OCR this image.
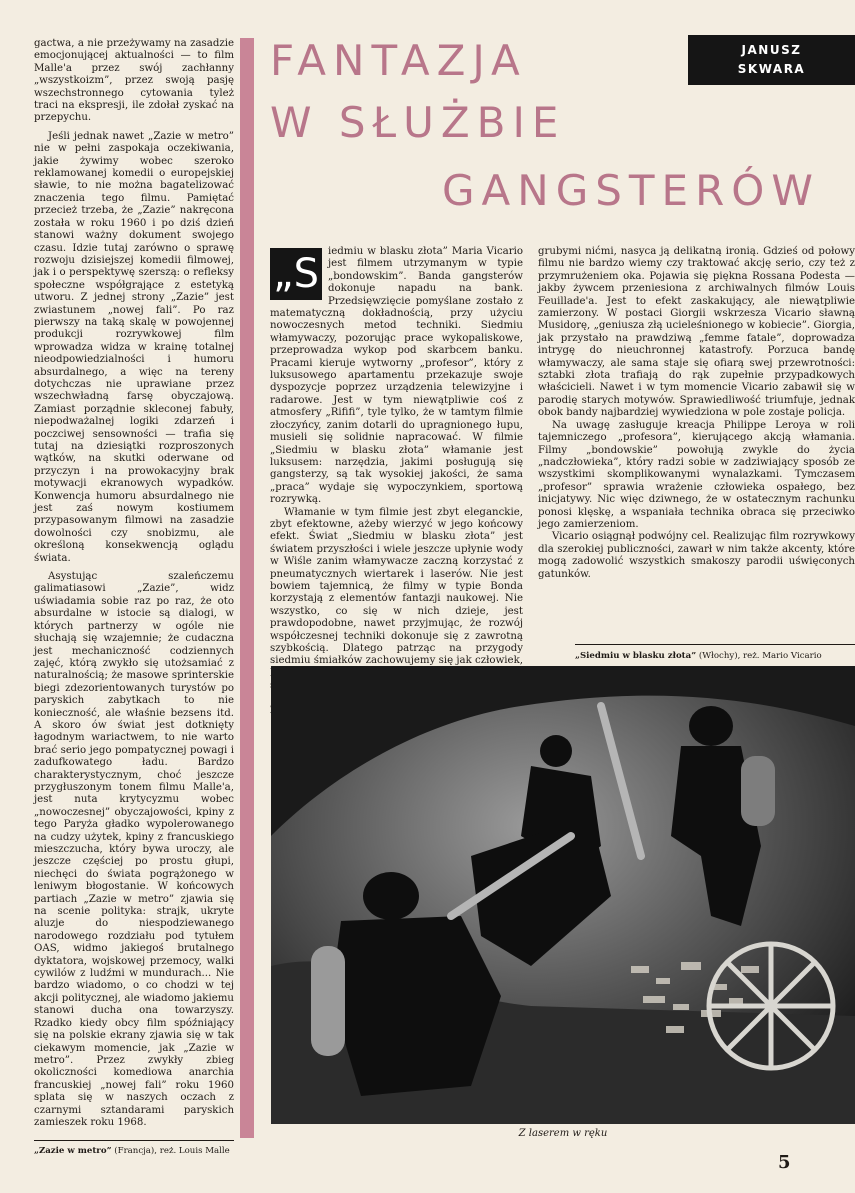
gactwa, a nie przeżywamy na zasadzie emocjonującej aktualności — to film Malle'a przez swój zachłanny „wszystkoizm”, przez swoją pasję wszechstronnego cytowania tyleż traci na ekspresji, ile zdołał zyskać na przepychu.

Jeśli jednak nawet „Zazie w metro” nie w pełni zaspokaja oczekiwania, jakie żywimy wobec szeroko reklamowanej komedii o europejskiej sławie, to nie można bagatelizować znaczenia tego filmu. Pamiętać przecież trzeba, że „Zazie” nakręcona została w roku 1960 i po dziś dzień stanowi ważny dokument swojego czasu. Idzie tutaj zarówno o sprawę rozwoju dzisiejszej komedii filmowej, jak i o perspektywę szerszą: o refleksy społeczne współgrające z estetyką utworu. Z jednej strony „Zazie” jest zwiastunem „nowej fali”. Po raz pierwszy na taką skalę w powojennej produkcji rozrywkowej film wprowadza widza w krainę totalnej nieodpowiedzialności i humoru absurdalnego, a więc na tereny dotychczas nie uprawiane przez wszechwładną farsę obyczajową. Zamiast porządnie skleconej fabuły, niepodważalnej logiki zdarzeń i poczciwej sensowności — trafia się tutaj na dziesiątki rozproszonych wątków, na skutki oderwane od przyczyn i na prowokacyjny brak motywacji ekranowych wypadków. Konwencja humoru absurdalnego nie jest zaś nowym kostiumem przypasowanym filmowi na zasadzie dowolności czy snobizmu, ale określoną konsekwencją oglądu świata.

Asystując szaleńczemu galimatiasowi „Zazie”, widz uświadamia sobie raz po raz, że oto absurdalne w istocie są dialogi, w których partnerzy w ogóle nie słuchają się wzajemnie; że cudaczna jest mechaniczność codziennych zajęć, którą zwykło się utożsamiać z naturalnością; że masowe sprinterskie biegi zdezorientowanych turystów po paryskich zabytkach to nie konieczność, ale właśnie bezsens itd. A skoro ów świat jest dotknięty łagodnym wariactwem, to nie warto brać serio jego pompatycznej powagi i zadufkowatego ładu. Bardzo charakterystycznym, choć jeszcze przygłuszonym tonem filmu Malle'a, jest nuta krytycyzmu wobec „nowoczesnej” obyczajowości, kpiny z tego Paryża gładko wypolerowanego na cudzy użytek, kpiny z francuskiego mieszczucha, który bywa uroczy, ale jeszcze częściej po prostu głupi, niechęci do świata pogrążonego w leniwym błogostanie. W końcowych partiach „Zazie w metro” zjawia się na scenie polityka: strajk, ukryte aluzje do niespodziewanego narodowego rozdziału pod tytułem OAS, widmo jakiegoś brutalnego dyktatora, wojskowej przemocy, walki cywilów z ludźmi w mundurach... Nie bardzo wiadomo, o co chodzi w tej akcji politycznej, ale wiadomo jakiemu stanowi ducha ona towarzyszy. Rzadko kiedy obcy film spóźniający się na polskie ekrany zjawia się w tak ciekawym momencie, jak „Zazie w metro”. Przez zwykły zbieg okoliczności komediowa anarchia francuskiej „nowej fali” roku 1960 splata się w naszych oczach z czarnymi sztandarami paryskich zamieszek roku 1968.

„Zazie w metro” (Francja), reż. Louis Malle
FANTAZJA
W SŁUŻBIE
GANGSTERÓW
JANUSZ
SKWARA
„S iedmiu w blasku złota” Maria Vicario jest filmem utrzymanym w typie „bondowskim”. Banda gangsterów dokonuje napadu na bank. Przedsięwzięcie pomyślane zostało z matematyczną dokładnością, przy użyciu nowoczesnych metod techniki. Siedmiu włamywaczy, pozorując prace wykopaliskowe, przeprowadza wykop pod skarbcem banku. Pracami kieruje wytworny „profesor”, który z luksusowego apartamentu przekazuje swoje dyspozycje poprzez urządzenia telewizyjne i radarowe. Jest w tym niewątpliwie coś z atmosfery „Rififi”, tyle tylko, że w tamtym filmie złoczyńcy, zanim dotarli do upragnionego łupu, musieli się solidnie napracować. W filmie „Siedmiu w blasku złota” włamanie jest luksusem: narzędzia, jakimi posługują się gangsterzy, są tak wysokiej jakości, że sama „praca” wydaje się wypoczynkiem, sportową rozrywką.

Włamanie w tym filmie jest zbyt eleganckie, zbyt efektowne, ażeby wierzyć w jego końcowy efekt. Świat „Siedmiu w blasku złota” jest światem przyszłości i wiele jeszcze upłynie wody w Wiśle zanim włamywacze zaczną korzystać z pneumatycznych wiertarek i laserów. Nie jest bowiem tajemnicą, że filmy w typie Bonda korzystają z elementów fantazji naukowej. Nie wszystko, co się w nich dzieje, jest prawdopodobne, nawet przyjmując, że rozwój współczesnej techniki dokonuje się z zawrotną szybkością. Dlatego patrząc na przygody siedmiu śmiałków zachowujemy się jak człowiek,

grubymi nićmi, nasyca ją delikatną ironią. Gdzieś od połowy filmu nie bardzo wiemy czy traktować akcję serio, czy też z przymrużeniem oka. Pojawia się piękna Rossana Podesta — jakby żywcem przeniesiona z archiwalnych filmów Louis Feuillade'a. Jest to efekt zaskakujący, ale niewątpliwie zamierzony. W postaci Giorgii wskrzesza Vicario sławną Musidorę, „geniusza złą ucieleśnionego w kobiecie”. Giorgia, jak przystało na prawdziwą „femme fatale”, doprowadza intrygę do nieuchronnej katastrofy. Porzuca bandę włamywaczy, ale sama staje się ofiarą swej przewrotności: sztabki złota trafiają do rąk zupełnie przypadkowych właścicieli. Nawet i w tym momencie Vicario zabawił się w parodię starych motywów. Sprawiedliwość triumfuje, jednak obok bandy najbardziej wywiedziona w pole zostaje policja.

Na uwagę zasługuje kreacja Philippe Leroya w roli tajemniczego „profesora”, kierującego akcją włamania. Filmy „bondowskie” powołują zwykle do życia „nadczłowieka”, który radzi sobie w zadziwiający sposób ze wszystkimi skomplikowanymi wynalazkami. Tymczasem „profesor” sprawia wrażenie człowieka ospałego, bez inicjatywy. Nic więc dziwnego, że w ostatecznym rachunku ponosi klęskę, a wspaniała technika obraca się przeciwko jego zamierzeniom.

Vicario osiągnął podwójny cel. Realizując film rozrywkowy dla szerokiej publiczności, zawarł w nim także akcenty, które mogą zadowolić wszystkich smakoszy parodii uświęconych gatunków.

„Siedmiu w blasku złota” (Włochy), reż. Mario Vicario
Z laserem w ręku
5
